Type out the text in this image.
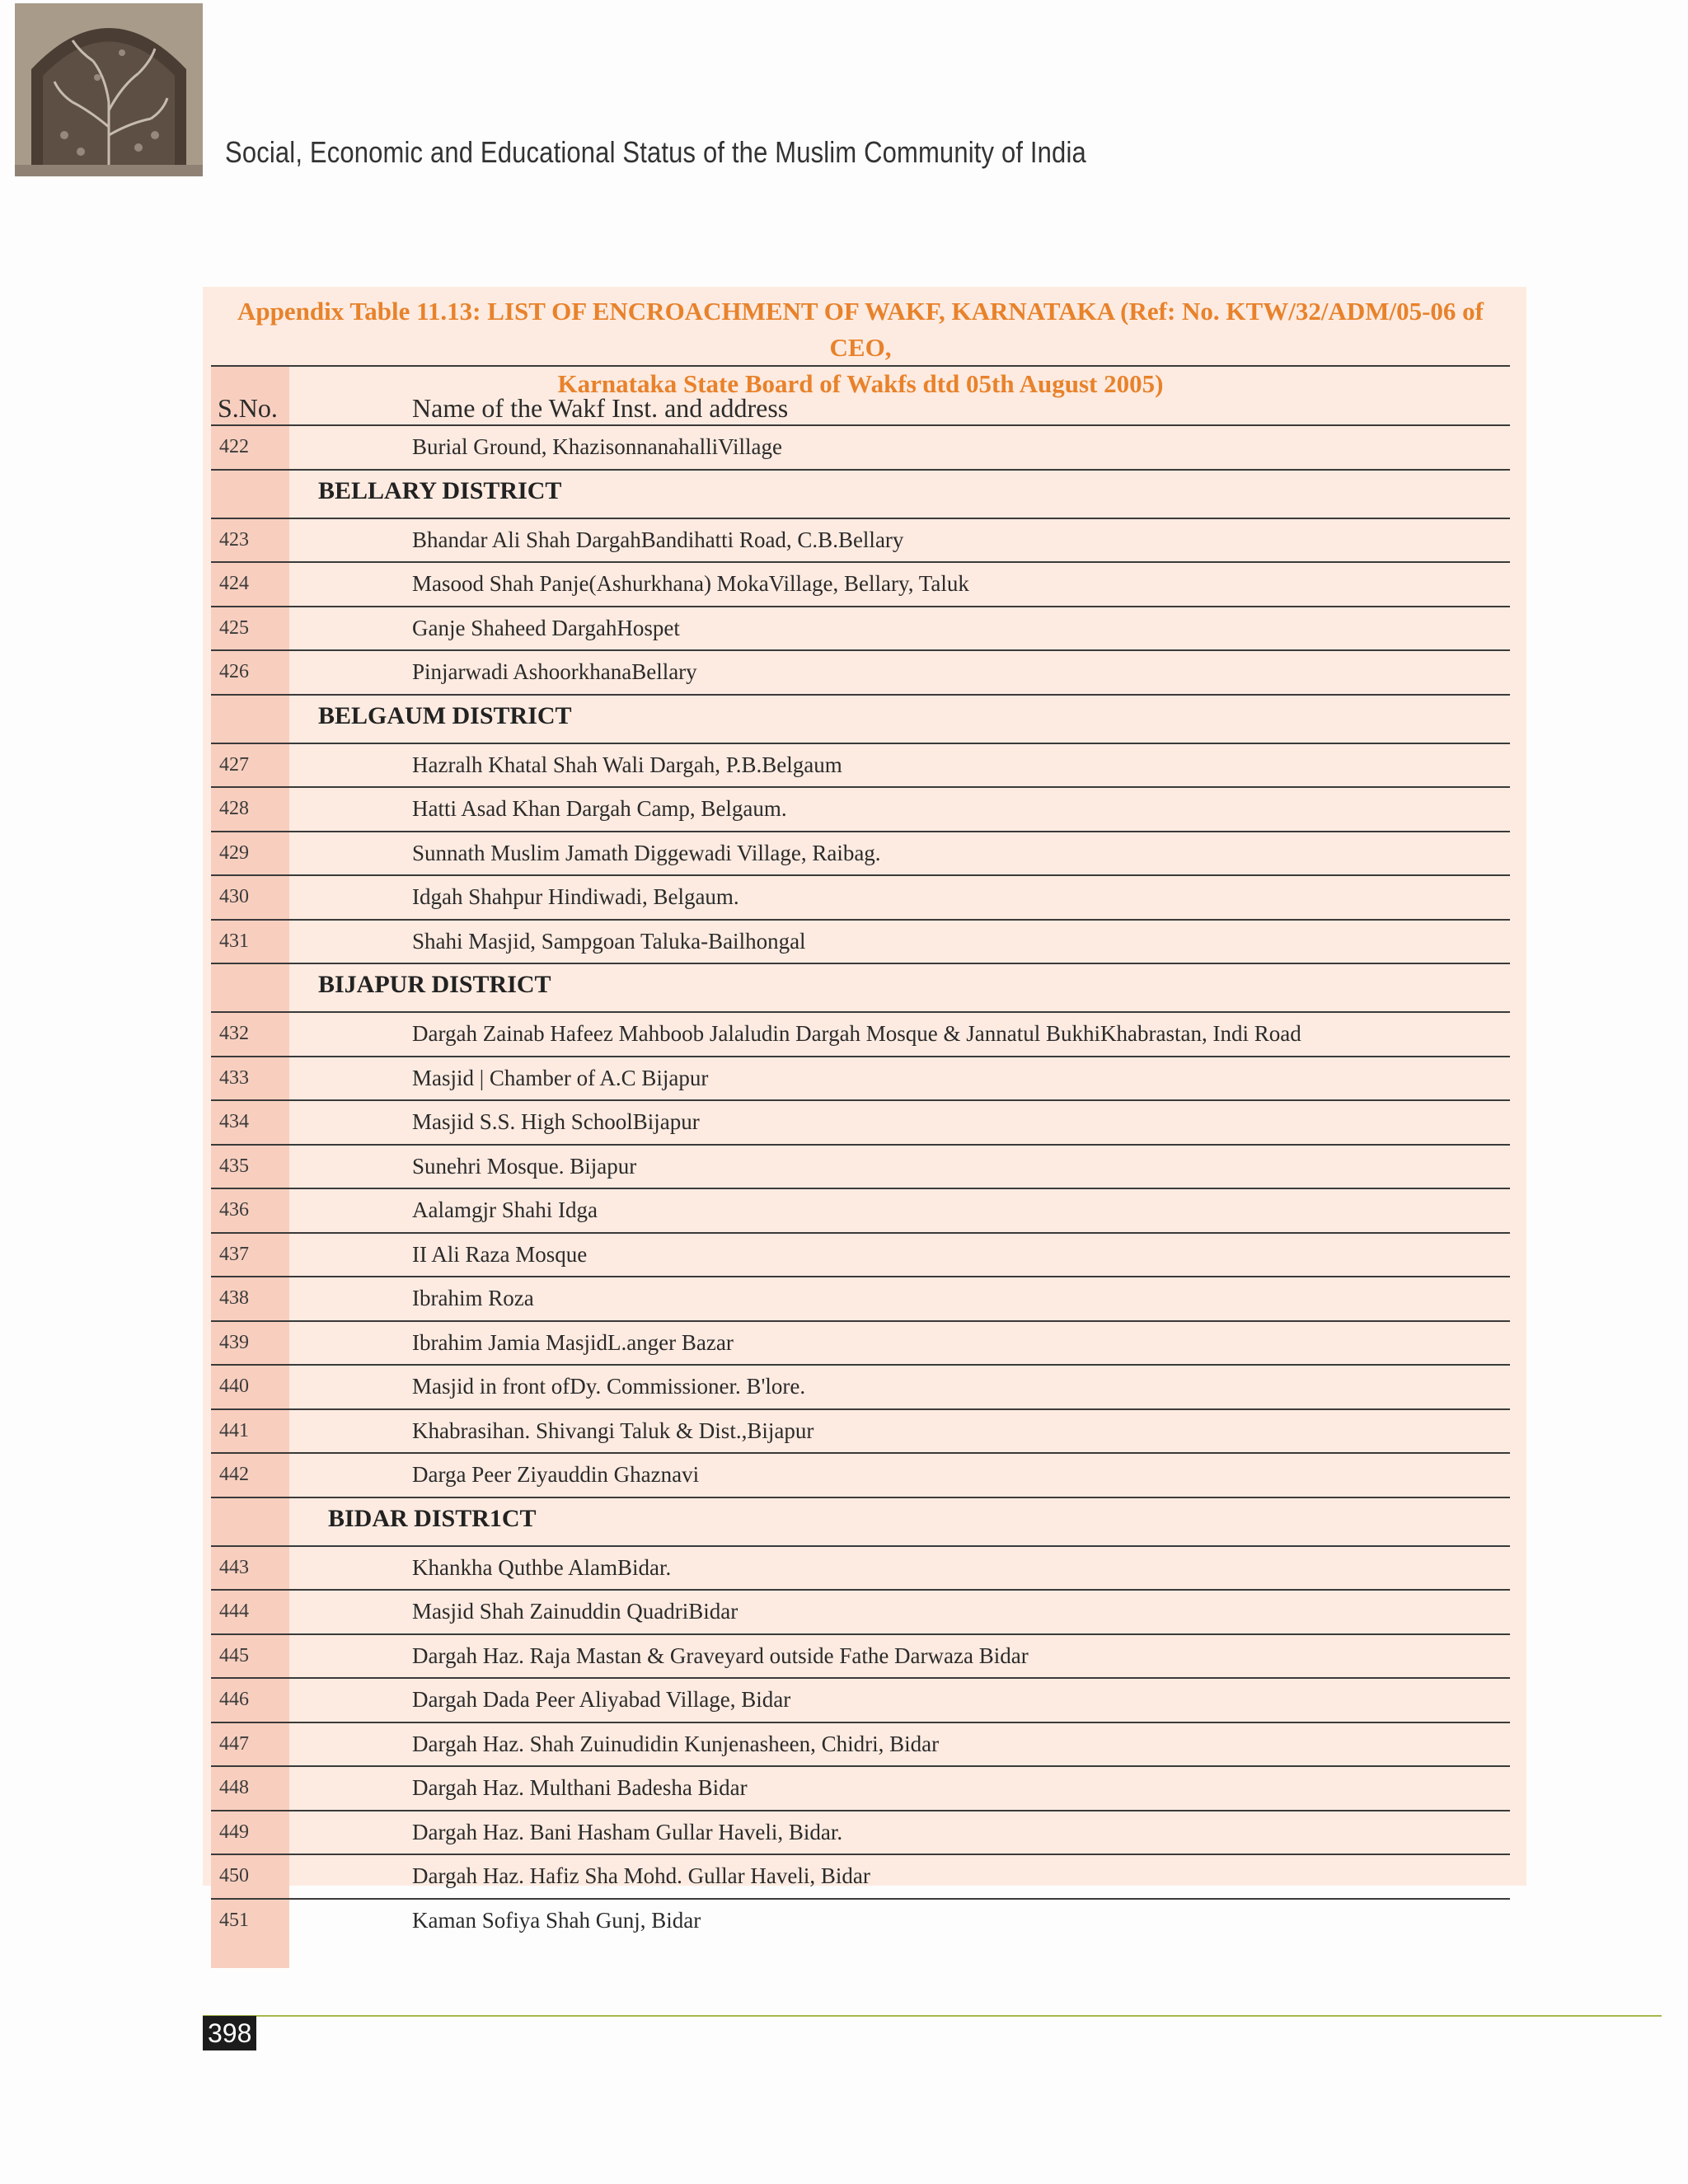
Social, Economic and Educational Status of the Muslim Community of India
Appendix Table 11.13: LIST OF ENCROACHMENT OF WAKF, KARNATAKA (Ref: No. KTW/32/ADM/05-06 of CEO,
Karnataka State Board of Wakfs dtd 05th August 2005)
S.No.	Name of the Wakf Inst. and address
422	Burial Ground, KhazisonnanahalliVillage
BELLARY DISTRICT
423	Bhandar Ali Shah DargahBandihatti Road, C.B.Bellary
424	Masood Shah Panje(Ashurkhana) MokaVillage, Bellary, Taluk
425	Ganje Shaheed DargahHospet
426	Pinjarwadi AshoorkhanaBellary
BELGAUM DISTRICT
427	Hazralh Khatal Shah Wali Dargah, P.B.Belgaum
428	Hatti Asad Khan Dargah Camp, Belgaum.
429	Sunnath Muslim Jamath Diggewadi Village, Raibag.
430	Idgah Shahpur Hindiwadi, Belgaum.
431	Shahi Masjid, Sampgoan Taluka-Bailhongal
BIJAPUR DISTRICT
432	Dargah Zainab Hafeez Mahboob Jalaludin Dargah Mosque & Jannatul BukhiKhabrastan, Indi Road
433	Masjid | Chamber of A.C Bijapur
434	Masjid S.S. High SchoolBijapur
435	Sunehri Mosque. Bijapur
436	Aalamgjr Shahi Idga
437	II Ali Raza Mosque
438	Ibrahim Roza
439	Ibrahim Jamia MasjidL.anger Bazar
440	Masjid in front ofDy. Commissioner. B'lore.
441	Khabrasihan. Shivangi Taluk & Dist.,Bijapur
442	Darga Peer Ziyauddin Ghaznavi
BIDAR DISTR1CT
443	Khankha Quthbe AlamBidar.
444	Masjid Shah Zainuddin QuadriBidar
445	Dargah Haz. Raja Mastan & Graveyard outside Fathe Darwaza Bidar
446	Dargah Dada Peer Aliyabad Village, Bidar
447	Dargah Haz. Shah Zuinudidin Kunjenasheen, Chidri, Bidar
448	Dargah Haz. Multhani Badesha Bidar
449	Dargah Haz. Bani Hasham Gullar Haveli, Bidar.
450	Dargah Haz. Hafiz Sha Mohd. Gullar Haveli, Bidar
451	Kaman Sofiya Shah Gunj, Bidar
398
